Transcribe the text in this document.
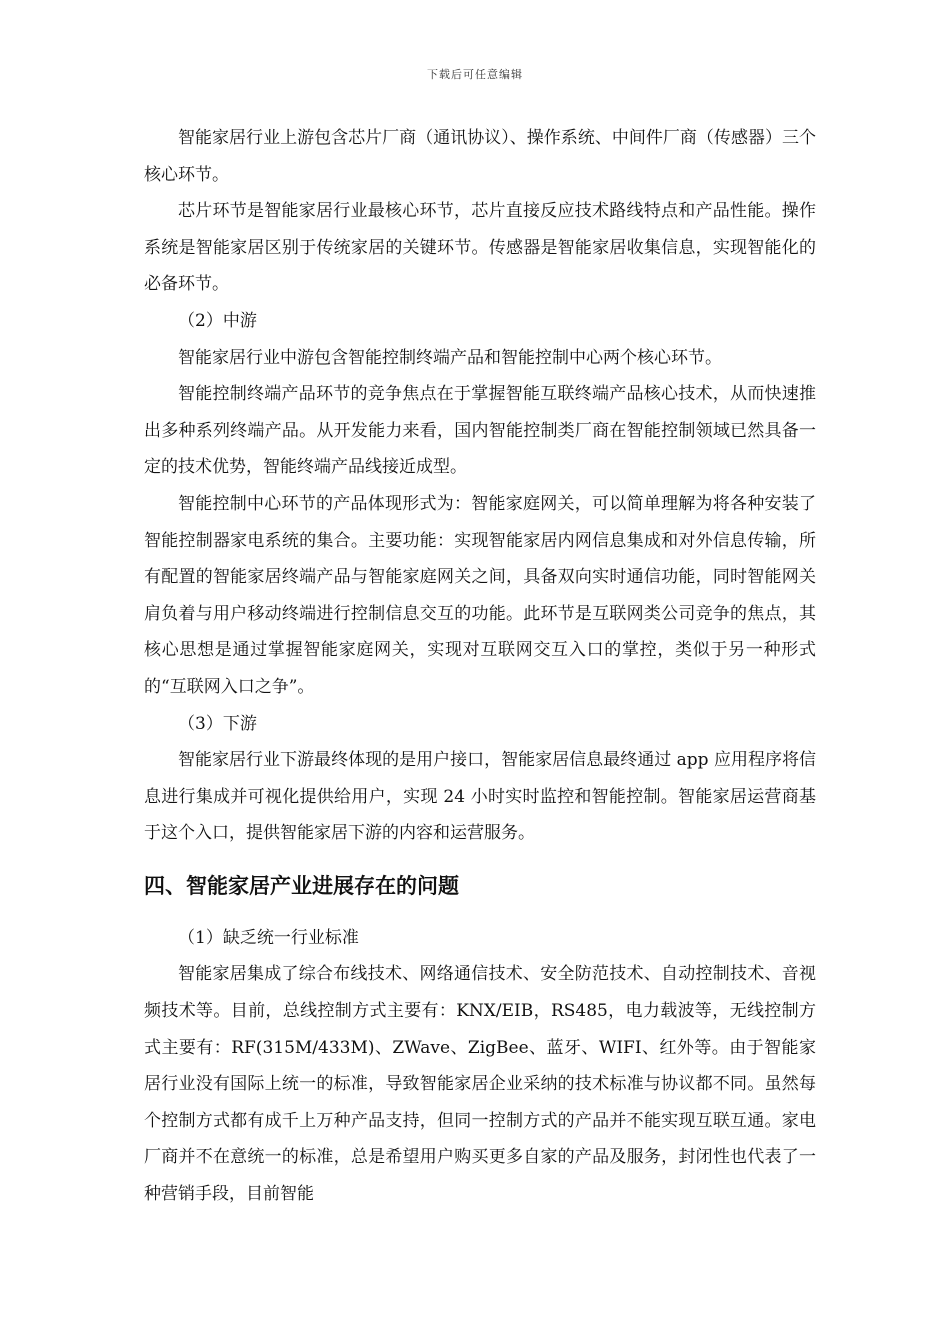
下载后可任意编辑

智能家居行业上游包含芯片厂商（通讯协议）、操作系统、中间件厂商（传感器）三个核心环节。

芯片环节是智能家居行业最核心环节，芯片直接反应技术路线特点和产品性能。操作系统是智能家居区别于传统家居的关键环节。传感器是智能家居收集信息，实现智能化的必备环节。

（2）中游

智能家居行业中游包含智能控制终端产品和智能控制中心两个核心环节。

智能控制终端产品环节的竞争焦点在于掌握智能互联终端产品核心技术，从而快速推出多种系列终端产品。从开发能力来看，国内智能控制类厂商在智能控制领域已然具备一定的技术优势，智能终端产品线接近成型。

智能控制中心环节的产品体现形式为：智能家庭网关，可以简单理解为将各种安装了智能控制器家电系统的集合。主要功能：实现智能家居内网信息集成和对外信息传输，所有配置的智能家居终端产品与智能家庭网关之间，具备双向实时通信功能，同时智能网关肩负着与用户移动终端进行控制信息交互的功能。此环节是互联网类公司竞争的焦点，其核心思想是通过掌握智能家庭网关，实现对互联网交互入口的掌控，类似于另一种形式的“互联网入口之争”。

（3）下游

智能家居行业下游最终体现的是用户接口，智能家居信息最终通过 app 应用程序将信息进行集成并可视化提供给用户，实现 24 小时实时监控和智能控制。智能家居运营商基于这个入口，提供智能家居下游的内容和运营服务。

四、智能家居产业进展存在的问题

（1）缺乏统一行业标准

智能家居集成了综合布线技术、网络通信技术、安全防范技术、自动控制技术、音视频技术等。目前，总线控制方式主要有：KNX/EIB，RS485，电力载波等，无线控制方式主要有：RF(315M/433M)、ZWave、ZigBee、蓝牙、WIFI、红外等。由于智能家居行业没有国际上统一的标准，导致智能家居企业采纳的技术标准与协议都不同。虽然每个控制方式都有成千上万种产品支持，但同一控制方式的产品并不能实现互联互通。家电厂商并不在意统一的标准，总是希望用户购买更多自家的产品及服务，封闭性也代表了一种营销手段，目前智能
